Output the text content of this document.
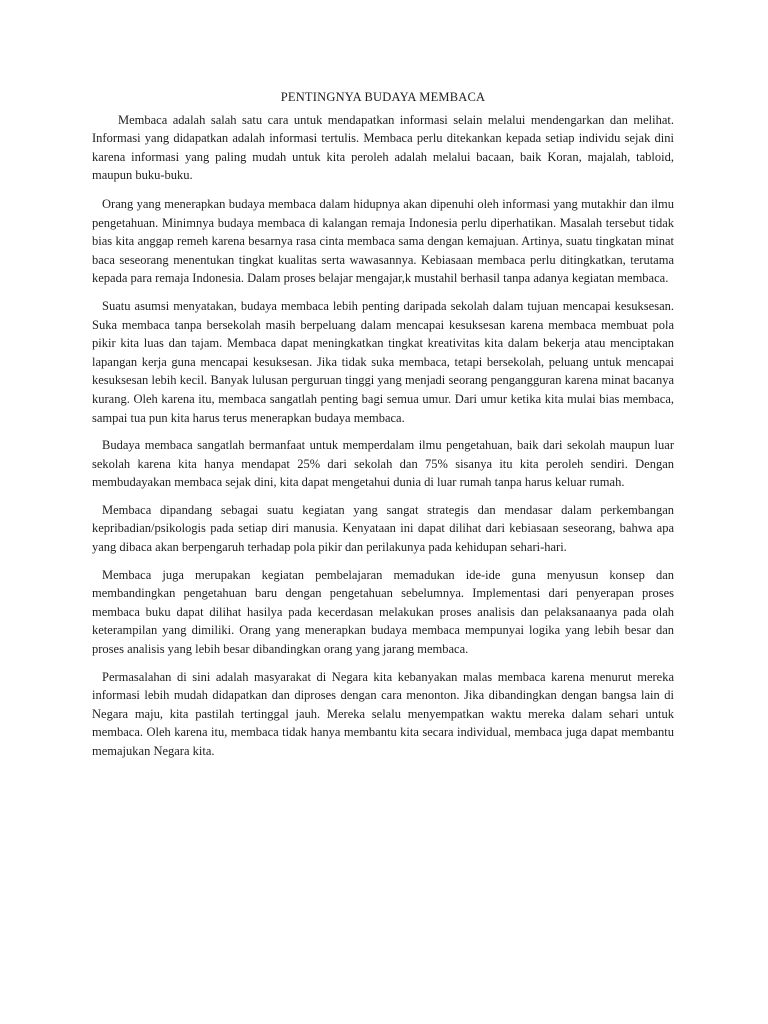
PENTINGNYA BUDAYA MEMBACA

Membaca adalah salah satu cara untuk mendapatkan informasi selain melalui mendengarkan dan melihat. Informasi yang didapatkan adalah informasi tertulis. Membaca perlu ditekankan kepada setiap individu sejak dini karena informasi yang paling mudah untuk kita peroleh adalah melalui bacaan, baik Koran, majalah, tabloid, maupun buku-buku.

Orang yang menerapkan budaya membaca dalam hidupnya akan dipenuhi oleh informasi yang mutakhir dan ilmu pengetahuan. Minimnya budaya membaca di kalangan remaja Indonesia perlu diperhatikan. Masalah tersebut tidak bias kita anggap remeh karena besarnya rasa cinta membaca sama dengan kemajuan. Artinya, suatu tingkatan minat baca seseorang menentukan tingkat kualitas serta wawasannya. Kebiasaan membaca perlu ditingkatkan, terutama kepada para remaja Indonesia. Dalam proses belajar mengajar,k mustahil berhasil tanpa adanya kegiatan membaca.

Suatu asumsi menyatakan, budaya membaca lebih penting daripada sekolah dalam tujuan mencapai kesuksesan. Suka membaca tanpa bersekolah masih berpeluang dalam mencapai kesuksesan karena membaca membuat pola pikir kita luas dan tajam. Membaca dapat meningkatkan tingkat kreativitas kita dalam bekerja atau menciptakan lapangan kerja guna mencapai kesuksesan. Jika tidak suka membaca, tetapi bersekolah, peluang untuk mencapai kesuksesan lebih kecil. Banyak lulusan perguruan tinggi yang menjadi seorang pengangguran karena minat bacanya kurang. Oleh karena itu, membaca sangatlah penting bagi semua umur. Dari umur ketika kita mulai bias membaca, sampai tua pun kita harus terus menerapkan budaya membaca.

Budaya membaca sangatlah bermanfaat untuk memperdalam ilmu pengetahuan, baik dari sekolah maupun luar sekolah karena kita hanya mendapat 25% dari sekolah dan 75% sisanya itu kita peroleh sendiri. Dengan membudayakan membaca sejak dini, kita dapat mengetahui dunia di luar rumah tanpa harus keluar rumah.

Membaca dipandang sebagai suatu kegiatan yang sangat strategis dan mendasar dalam perkembangan kepribadian/psikologis pada setiap diri manusia. Kenyataan ini dapat dilihat dari kebiasaan seseorang, bahwa apa yang dibaca akan berpengaruh terhadap pola pikir dan perilakunya pada kehidupan sehari-hari.

Membaca juga merupakan kegiatan pembelajaran memadukan ide-ide guna menyusun konsep dan membandingkan pengetahuan baru dengan pengetahuan sebelumnya. Implementasi dari penyerapan proses membaca buku dapat dilihat hasilya pada kecerdasan melakukan proses analisis dan pelaksanaanya pada olah keterampilan yang dimiliki. Orang yang menerapkan budaya membaca mempunyai logika yang lebih besar dan proses analisis yang lebih besar dibandingkan orang yang jarang membaca.

Permasalahan di sini adalah masyarakat di Negara kita kebanyakan malas membaca karena menurut mereka informasi lebih mudah didapatkan dan diproses dengan cara menonton. Jika dibandingkan dengan bangsa lain di Negara maju, kita pastilah tertinggal jauh. Mereka selalu menyempatkan waktu mereka dalam sehari untuk membaca. Oleh karena itu, membaca tidak hanya membantu kita secara individual, membaca juga dapat membantu memajukan Negara kita.
